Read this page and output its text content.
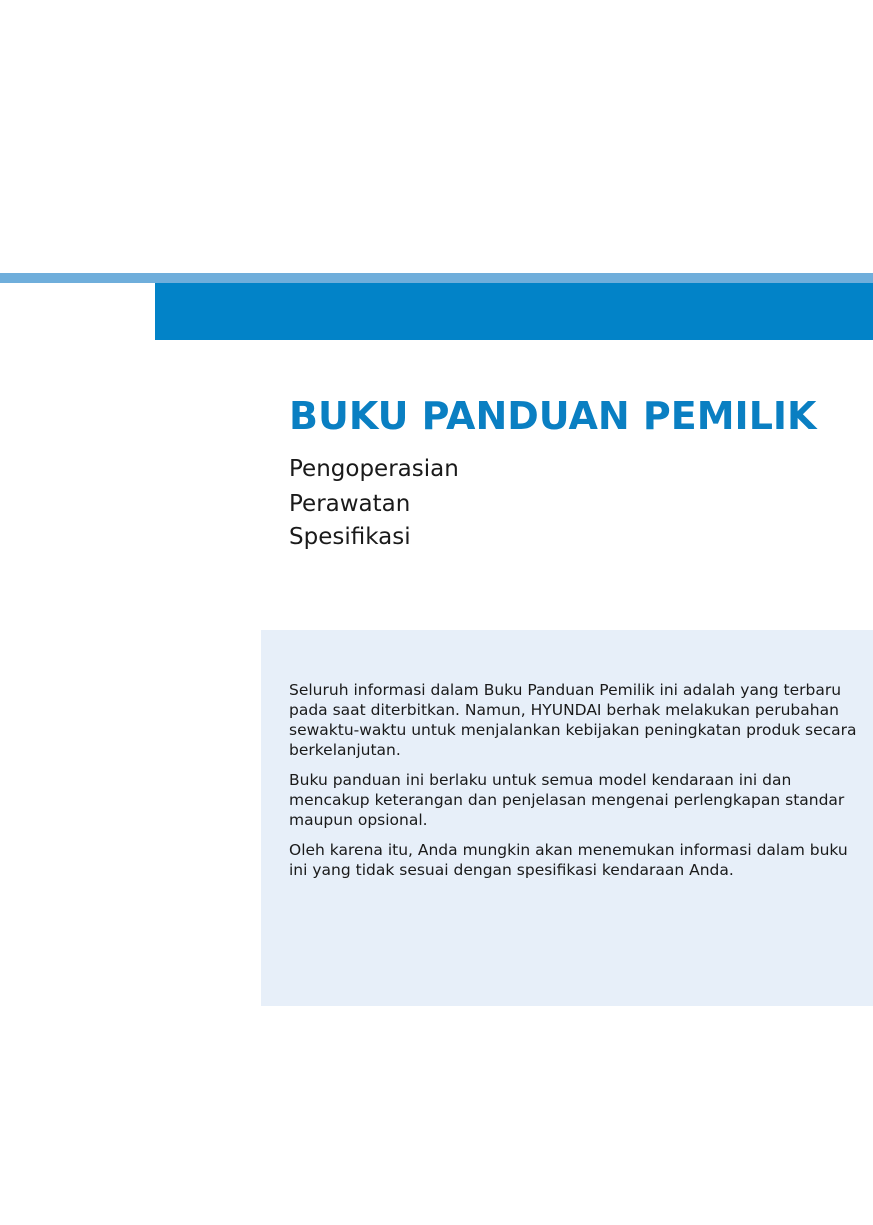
BUKU PANDUAN PEMILIK
Pengoperasian
Perawatan
Spesifikasi

Seluruh informasi dalam Buku Panduan Pemilik ini adalah yang terbaru pada saat diterbitkan. Namun, HYUNDAI berhak melakukan perubahan sewaktu-waktu untuk menjalankan kebijakan peningkatan produk secara berkelanjutan.

Buku panduan ini berlaku untuk semua model kendaraan ini dan mencakup keterangan dan penjelasan mengenai perlengkapan standar maupun opsional.

Oleh karena itu, Anda mungkin akan menemukan informasi dalam buku ini yang tidak sesuai dengan spesifikasi kendaraan Anda.
